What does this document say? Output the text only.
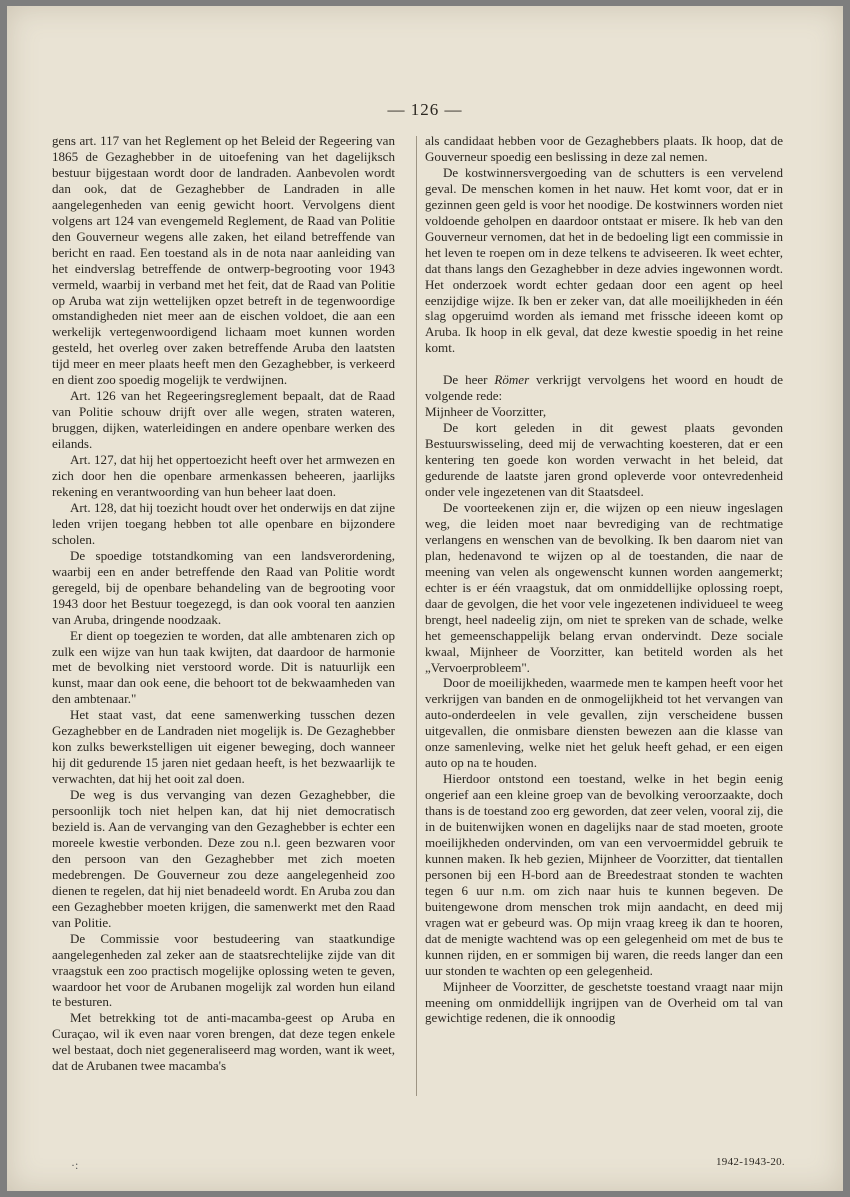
— 126 —

gens art. 117 van het Reglement op het Beleid der Regeering van 1865 de Gezaghebber in de uitoefening van het dagelijksch bestuur bijgestaan wordt door de landraden. Aanbevolen wordt dan ook, dat de Gezaghebber de Landraden in alle aangelegenheden van eenig gewicht hoort. Vervolgens dient volgens art 124 van evengemeld Reglement, de Raad van Politie den Gouverneur wegens alle zaken, het eiland betreffende van bericht en raad. Een toestand als in de nota naar aanleiding van het eindverslag betreffende de ontwerp-begrooting voor 1943 vermeld, waarbij in verband met het feit, dat de Raad van Politie op Aruba wat zijn wettelijken opzet betreft in de tegenwoordige omstandigheden niet meer aan de eischen voldoet, die aan een werkelijk vertegenwoordigend lichaam moet kunnen worden gesteld, het overleg over zaken betreffende Aruba den laatsten tijd meer en meer plaats heeft men den Gezaghebber, is verkeerd en dient zoo spoedig mogelijk te verdwijnen.

Art. 126 van het Regeeringsreglement bepaalt, dat de Raad van Politie schouw drijft over alle wegen, straten wateren, bruggen, dijken, waterleidingen en andere openbare werken des eilands.

Art. 127, dat hij het oppertoezicht heeft over het armwezen en zich door hen die openbare armenkassen beheeren, jaarlijks rekening en verantwoording van hun beheer laat doen.

Art. 128, dat hij toezicht houdt over het onderwijs en dat zijne leden vrijen toegang hebben tot alle openbare en bijzondere scholen.

De spoedige totstandkoming van een landsverordening, waarbij een en ander betreffende den Raad van Politie wordt geregeld, bij de openbare behandeling van de begrooting voor 1943 door het Bestuur toegezegd, is dan ook vooral ten aanzien van Aruba, dringende noodzaak.

Er dient op toegezien te worden, dat alle ambtenaren zich op zulk een wijze van hun taak kwijten, dat daardoor de harmonie met de bevolking niet verstoord worde. Dit is natuurlijk een kunst, maar dan ook eene, die behoort tot de bekwaamheden van den ambtenaar."

Het staat vast, dat eene samenwerking tusschen dezen Gezaghebber en de Landraden niet mogelijk is. De Gezaghebber kon zulks bewerkstelligen uit eigener beweging, doch wanneer hij dit gedurende 15 jaren niet gedaan heeft, is het bezwaarlijk te verwachten, dat hij het ooit zal doen.

De weg is dus vervanging van dezen Gezaghebber, die persoonlijk toch niet helpen kan, dat hij niet democratisch bezield is. Aan de vervanging van den Gezaghebber is echter een moreele kwestie verbonden. Deze zou n.l. geen bezwaren voor den persoon van den Gezaghebber met zich moeten medebrengen. De Gouverneur zou deze aangelegenheid zoo dienen te regelen, dat hij niet benadeeld wordt. En Aruba zou dan een Gezaghebber moeten krijgen, die samenwerkt met den Raad van Politie.

De Commissie voor bestudeering van staatkundige aangelegenheden zal zeker aan de staatsrechtelijke zijde van dit vraagstuk een zoo practisch mogelijke oplossing weten te geven, waardoor het voor de Arubanen mogelijk zal worden hun eiland te besturen.

Met betrekking tot de anti-macamba-geest op Aruba en Curaçao, wil ik even naar voren brengen, dat deze tegen enkele wel bestaat, doch niet gegeneraliseerd mag worden, want ik weet, dat de Arubanen twee macamba's

als candidaat hebben voor de Gezaghebbers plaats. Ik hoop, dat de Gouverneur spoedig een beslissing in deze zal nemen.

De kostwinnersvergoeding van de schutters is een vervelend geval. De menschen komen in het nauw. Het komt voor, dat er in gezinnen geen geld is voor het noodige. De kostwinners worden niet voldoende geholpen en daardoor ontstaat er misere. Ik heb van den Gouverneur vernomen, dat het in de bedoeling ligt een commissie in het leven te roepen om in deze telkens te adviseeren. Ik weet echter, dat thans langs den Gezaghebber in deze advies ingewonnen wordt. Het onderzoek wordt echter gedaan door een agent op heel eenzijdige wijze. Ik ben er zeker van, dat alle moeilijkheden in één slag opgeruimd worden als iemand met frissche ideeen komt op Aruba. Ik hoop in elk geval, dat deze kwestie spoedig in het reine komt.

De heer Römer verkrijgt vervolgens het woord en houdt de volgende rede:

Mijnheer de Voorzitter,

De kort geleden in dit gewest plaats gevonden Bestuurswisseling, deed mij de verwachting koesteren, dat er een kentering ten goede kon worden verwacht in het beleid, dat gedurende de laatste jaren grond opleverde voor ontevredenheid onder vele ingezetenen van dit Staatsdeel.

De voorteekenen zijn er, die wijzen op een nieuw ingeslagen weg, die leiden moet naar bevrediging van de rechtmatige verlangens en wenschen van de bevolking. Ik ben daarom niet van plan, hedenavond te wijzen op al de toestanden, die naar de meening van velen als ongewenscht kunnen worden aangemerkt; echter is er één vraagstuk, dat om onmiddellijke oplossing roept, daar de gevolgen, die het voor vele ingezetenen individueel te weeg brengt, heel nadeelig zijn, om niet te spreken van de schade, welke het gemeenschappelijk belang ervan ondervindt. Deze sociale kwaal, Mijnheer de Voorzitter, kan betiteld worden als het „Vervoerprobleem".

Door de moeilijkheden, waarmede men te kampen heeft voor het verkrijgen van banden en de onmogelijkheid tot het vervangen van auto-onderdeelen in vele gevallen, zijn verscheidene bussen uitgevallen, die onmisbare diensten bewezen aan die klasse van onze samenleving, welke niet het geluk heeft gehad, er een eigen auto op na te houden.

Hierdoor ontstond een toestand, welke in het begin eenig ongerief aan een kleine groep van de bevolking veroorzaakte, doch thans is de toestand zoo erg geworden, dat zeer velen, vooral zij, die in de buitenwijken wonen en dagelijks naar de stad moeten, groote moeilijkheden ondervinden, om van een vervoermiddel gebruik te kunnen maken. Ik heb gezien, Mijnheer de Voorzitter, dat tientallen personen bij een H-bord aan de Breedestraat stonden te wachten tegen 6 uur n.m. om zich naar huis te kunnen begeven. De buitengewone drom menschen trok mijn aandacht, en deed mij vragen wat er gebeurd was. Op mijn vraag kreeg ik dan te hooren, dat de menigte wachtend was op een gelegenheid om met de bus te kunnen rijden, en er sommigen bij waren, die reeds langer dan een uur stonden te wachten op een gelegenheid.

Mijnheer de Voorzitter, de geschetste toestand vraagt naar mijn meening om onmiddellijk ingrijpen van de Overheid om tal van gewichtige redenen, die ik onnoodig

·:	1942-1943-20.
